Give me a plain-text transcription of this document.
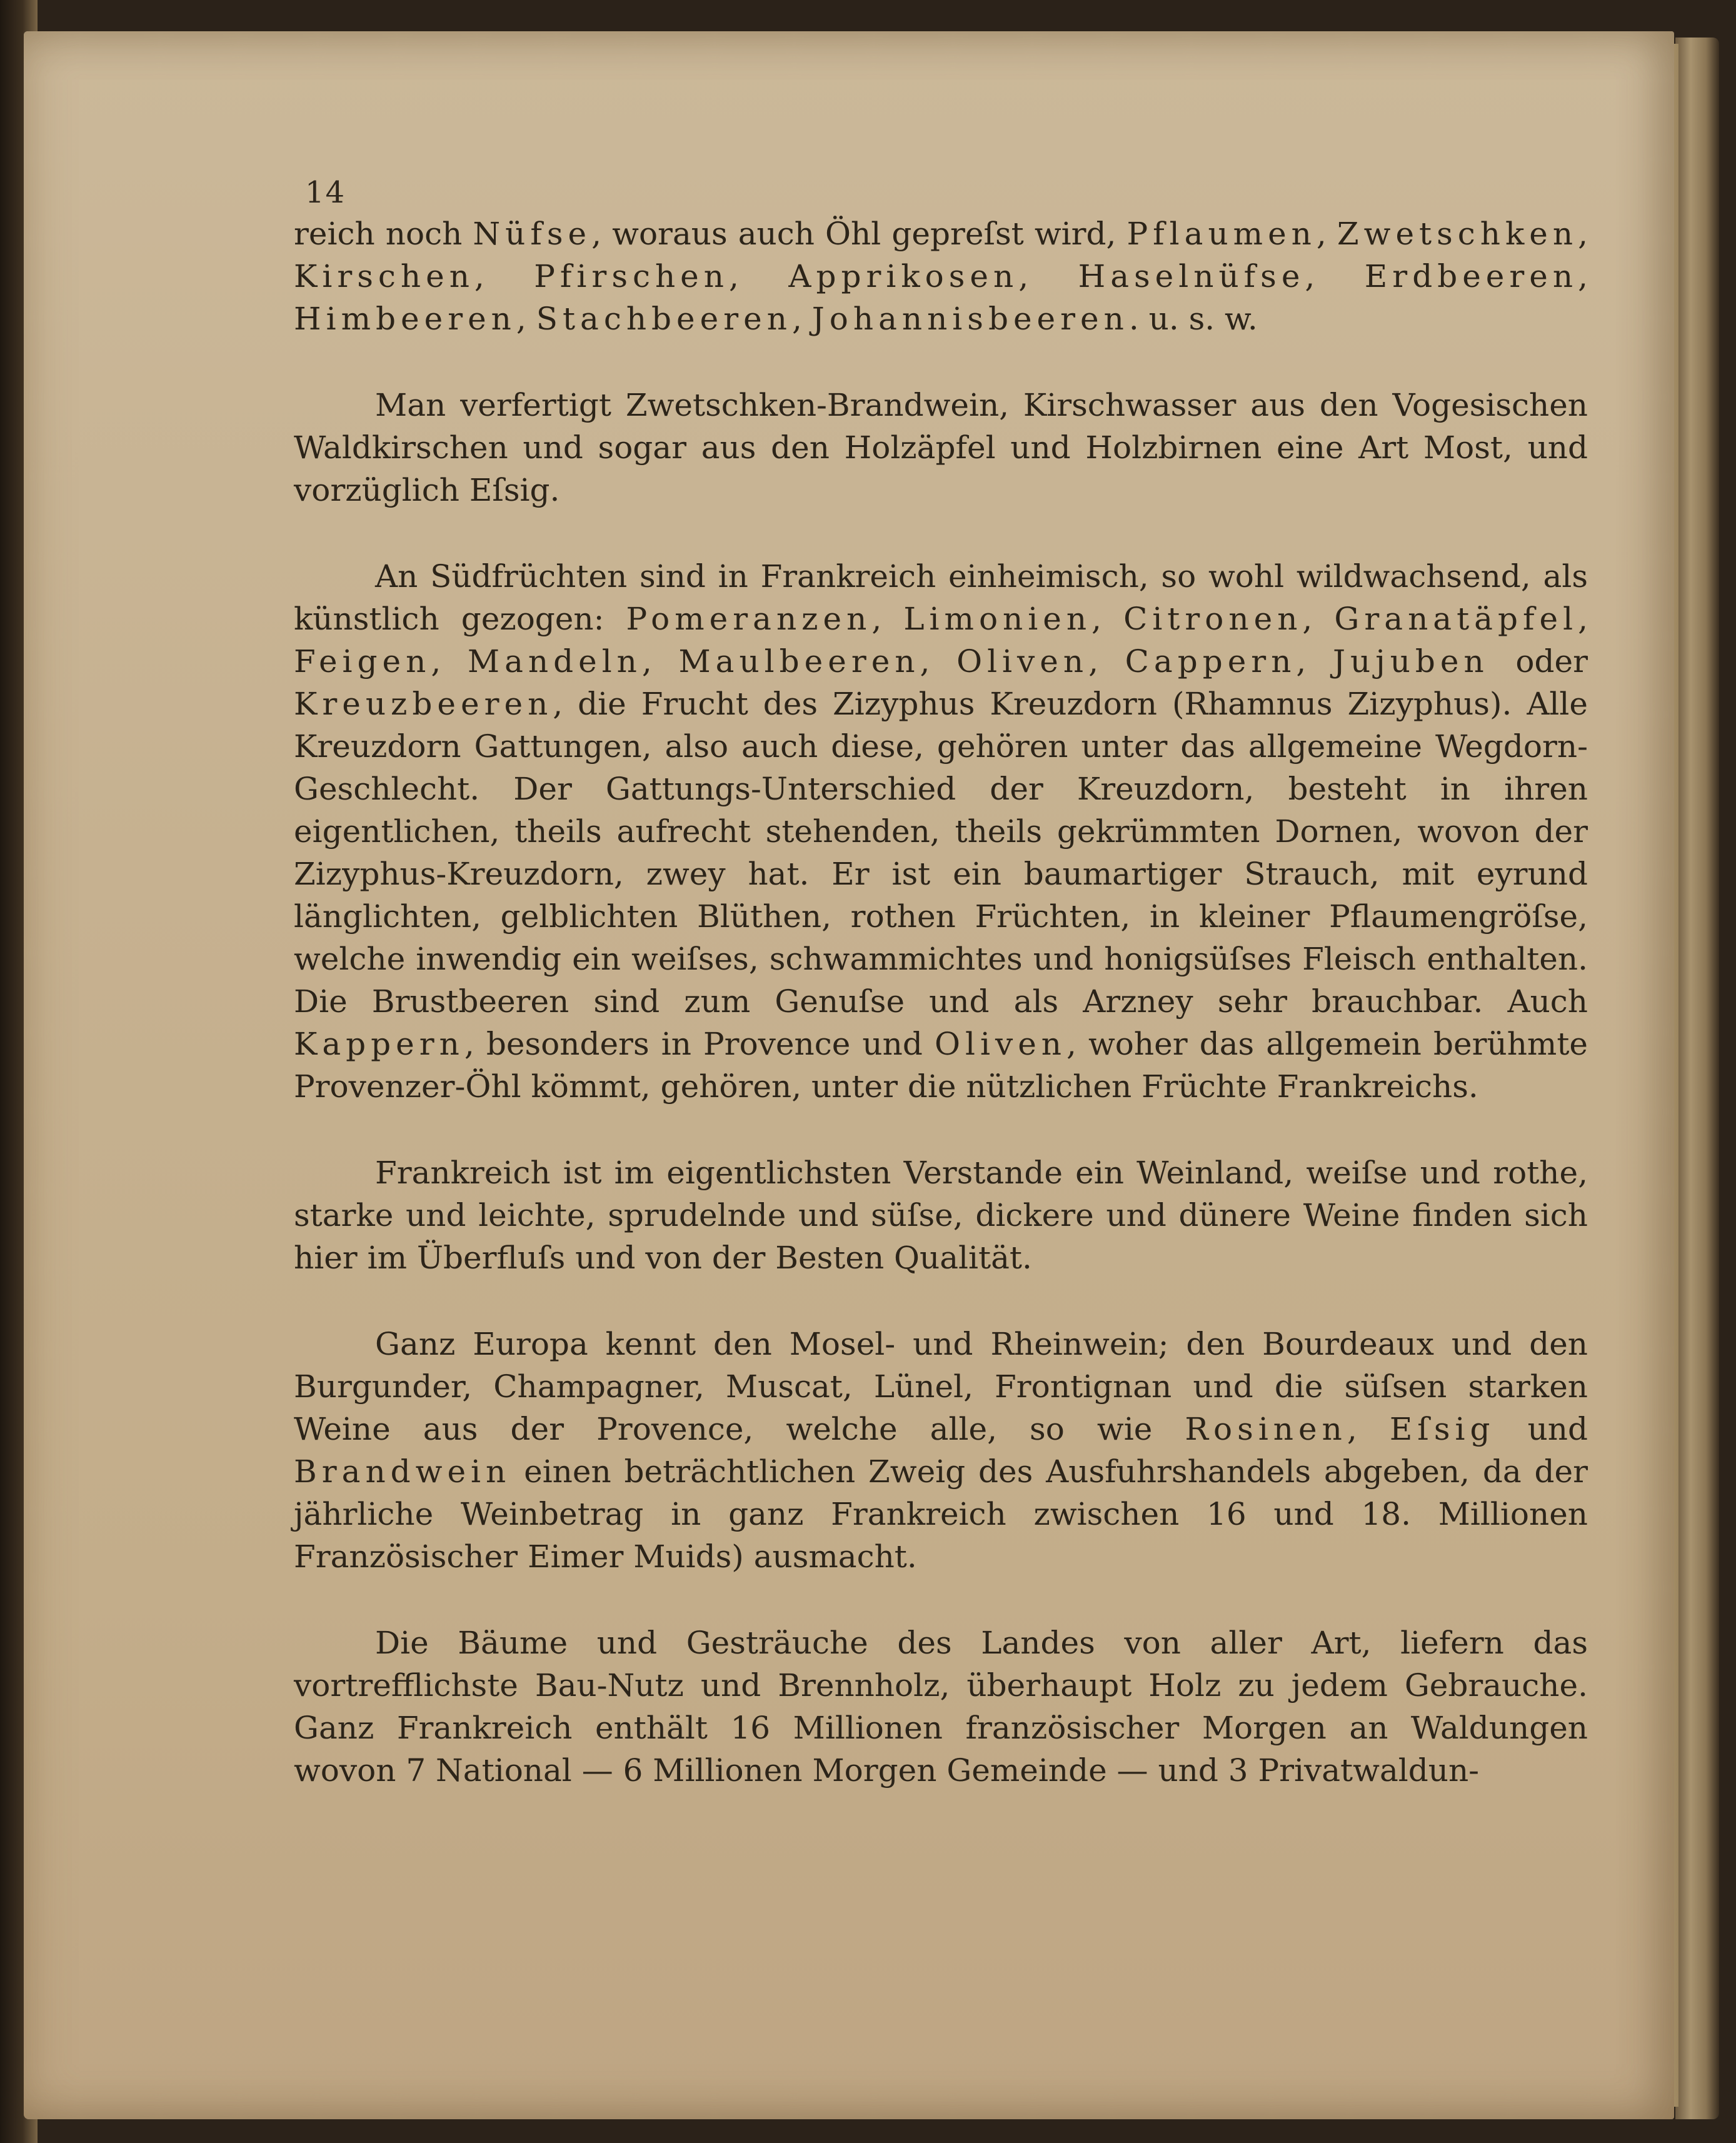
14

reich noch Nüfse, woraus auch Öhl gepreſst wird, Pflaumen, Zwetschken, Kirschen, Pfirschen, Apprikosen, Haselnüfse, Erdbeeren, Himbeeren, Stachbeeren, Johannisbeeren. u. s. w.

Man verfertigt Zwetschken-Brandwein, Kirschwasser aus den Vogesischen Waldkirschen und sogar aus den Holzäpfel und Holzbirnen eine Art Most, und vorzüglich Eſsig.

An Südfrüchten sind in Frankreich einheimisch, so wohl wildwachsend, als künstlich gezogen: Pomeranzen, Limonien, Citronen, Granatäpfel, Feigen, Mandeln, Maulbeeren, Oliven, Cappern, Jujuben oder Kreuzbeeren, die Frucht des Zizyphus Kreuzdorn (Rhamnus Zizyphus). Alle Kreuzdorn Gattungen, also auch diese, gehören unter das allgemeine Wegdorn-Geschlecht. Der Gattungs-Unterschied der Kreuzdorn, besteht in ihren eigentlichen, theils aufrecht stehenden, theils gekrümmten Dornen, wovon der Zizyphus-Kreuzdorn, zwey hat. Er ist ein baumartiger Strauch, mit eyrund länglichten, gelblichten Blüthen, rothen Früchten, in kleiner Pflaumengröſse, welche inwendig ein weiſses, schwammichtes und honigsüſses Fleisch enthalten. Die Brustbeeren sind zum Genuſse und als Arzney sehr brauchbar. Auch Kappern, besonders in Provence und Oliven, woher das allgemein berühmte Provenzer-Öhl kömmt, gehören, unter die nützlichen Früchte Frankreichs.

Frankreich ist im eigentlichsten Verstande ein Weinland, weiſse und rothe, starke und leichte, sprudelnde und süſse, dickere und dünere Weine finden sich hier im Überfluſs und von der Besten Qualität.

Ganz Europa kennt den Mosel- und Rheinwein; den Bourdeaux und den Burgunder, Champagner, Muscat, Lünel, Frontignan und die süſsen starken Weine aus der Provence, welche alle, so wie Rosinen, Eſsig und Brandwein einen beträchtlichen Zweig des Ausfuhrshandels abgeben, da der jährliche Weinbetrag in ganz Frankreich zwischen 16 und 18. Millionen Französischer Eimer Muids) ausmacht.

Die Bäume und Gesträuche des Landes von aller Art, liefern das vortrefflichste Bau-Nutz und Brennholz, überhaupt Holz zu jedem Gebrauche. Ganz Frankreich enthält 16 Millionen französischer Morgen an Waldungen wovon 7 National — 6 Millionen Morgen Gemeinde — und 3 Privatwaldun-
